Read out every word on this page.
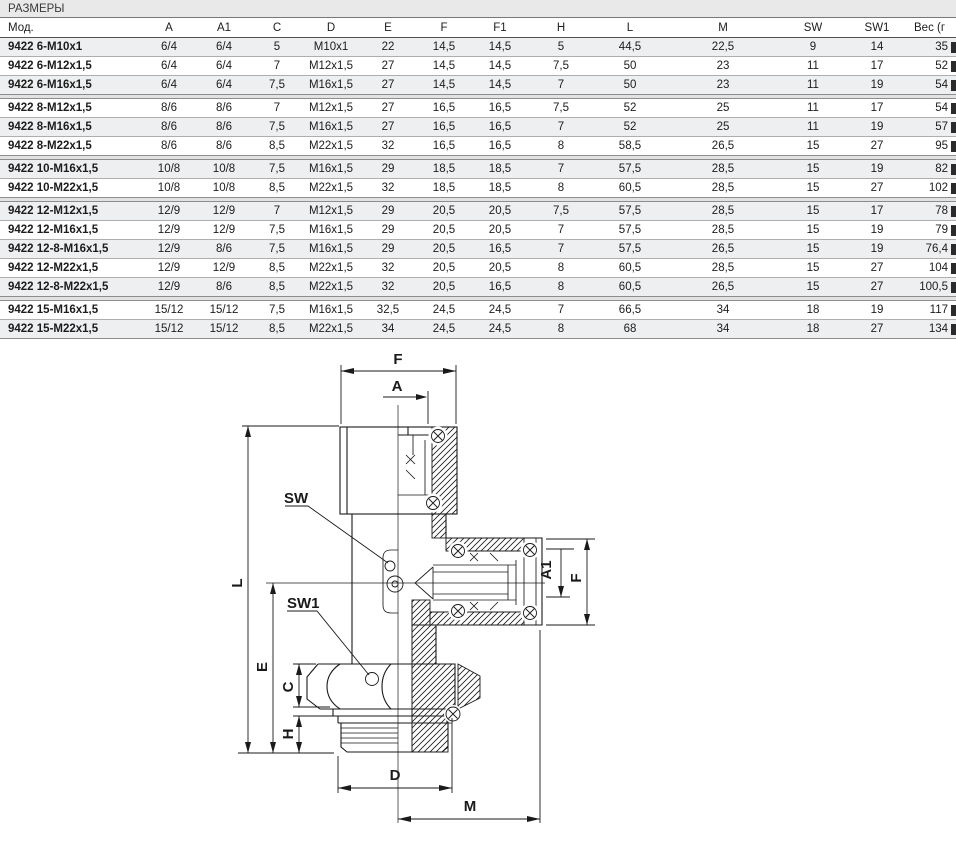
РАЗМЕРЫ
Мод.	A	A1	C	D	E	F	F1	H	L	M	SW	SW1	Вес (г
9422 6-M10x1	6/4	6/4	5	M10x1	22	14,5	14,5	5	44,5	22,5	9	14	35
9422 6-M12x1,5	6/4	6/4	7	M12x1,5	27	14,5	14,5	7,5	50	23	11	17	52
9422 6-M16x1,5	6/4	6/4	7,5	M16x1,5	27	14,5	14,5	7	50	23	11	19	54

9422 8-M12x1,5	8/6	8/6	7	M12x1,5	27	16,5	16,5	7,5	52	25	11	17	54
9422 8-M16x1,5	8/6	8/6	7,5	M16x1,5	27	16,5	16,5	7	52	25	11	19	57
9422 8-M22x1,5	8/6	8/6	8,5	M22x1,5	32	16,5	16,5	8	58,5	26,5	15	27	95

9422 10-M16x1,5	10/8	10/8	7,5	M16x1,5	29	18,5	18,5	7	57,5	28,5	15	19	82
9422 10-M22x1,5	10/8	10/8	8,5	M22x1,5	32	18,5	18,5	8	60,5	28,5	15	27	102

9422 12-M12x1,5	12/9	12/9	7	M12x1,5	29	20,5	20,5	7,5	57,5	28,5	15	17	78
9422 12-M16x1,5	12/9	12/9	7,5	M16x1,5	29	20,5	20,5	7	57,5	28,5	15	19	79
9422 12-8-M16x1,5	12/9	8/6	7,5	M16x1,5	29	20,5	16,5	7	57,5	26,5	15	19	76,4
9422 12-M22x1,5	12/9	12/9	8,5	M22x1,5	32	20,5	20,5	8	60,5	28,5	15	27	104
9422 12-8-M22x1,5	12/9	8/6	8,5	M22x1,5	32	20,5	16,5	8	60,5	26,5	15	27	100,5

9422 15-M16x1,5	15/12	15/12	7,5	M16x1,5	32,5	24,5	24,5	7	66,5	34	18	19	117
9422 15-M22x1,5	15/12	15/12	8,5	M22x1,5	34	24,5	24,5	8	68	34	18	27	134
F
A
L
E
C
H
SW
SW1
D
M
A1 F
